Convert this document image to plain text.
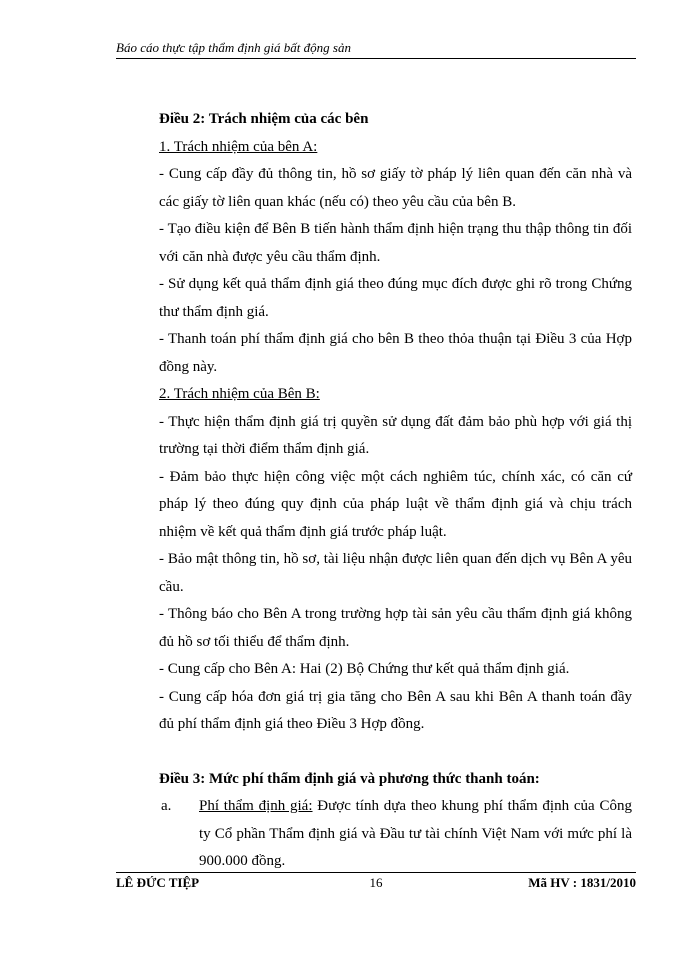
Báo cáo thực tập thẩm định giá bất động sản

Điều 2: Trách nhiệm của các bên

1. Trách nhiệm của bên A:

- Cung cấp đầy đủ thông tin, hồ sơ giấy tờ pháp lý liên quan đến căn nhà và các giấy tờ liên quan khác (nếu có) theo yêu cầu của bên B.

- Tạo điều kiện để Bên B tiến hành thẩm định hiện trạng thu thập thông tin đối với căn nhà được yêu cầu thẩm định.

- Sử dụng kết quả thẩm định giá theo đúng mục đích được ghi rõ trong Chứng thư thẩm định giá.

- Thanh toán phí thẩm định giá cho bên B theo thỏa thuận tại Điều 3 của Hợp đồng này.

2. Trách nhiệm của Bên B:

- Thực hiện thẩm định giá trị quyền sử dụng đất đảm bảo phù hợp với giá thị trường tại thời điểm thẩm định giá.

- Đảm bảo thực hiện công việc một cách nghiêm túc, chính xác, có căn cứ pháp lý theo đúng quy định của pháp luật về thẩm định giá và chịu trách nhiệm về kết quả thẩm định giá trước pháp luật.

- Bảo mật thông tin, hồ sơ, tài liệu nhận được liên quan đến dịch vụ Bên A yêu cầu.

- Thông báo cho Bên A trong trường hợp tài sản yêu cầu thẩm định giá không đủ hồ sơ tối thiểu để thẩm định.

- Cung cấp cho Bên A: Hai (2) Bộ Chứng thư kết quả thẩm định giá.

- Cung cấp hóa đơn giá trị gia tăng cho Bên A sau khi Bên A thanh toán đầy đủ phí thẩm định giá theo Điều 3 Hợp đồng.

Điều 3: Mức phí thẩm định giá và phương thức thanh toán:

a.	Phí thẩm định giá: Được tính dựa theo khung phí thẩm định của Công ty Cổ phần Thẩm định giá và Đầu tư tài chính Việt Nam với mức phí là 900.000 đồng.
LÊ ĐỨC TIỆP	16	Mã HV : 1831/2010
